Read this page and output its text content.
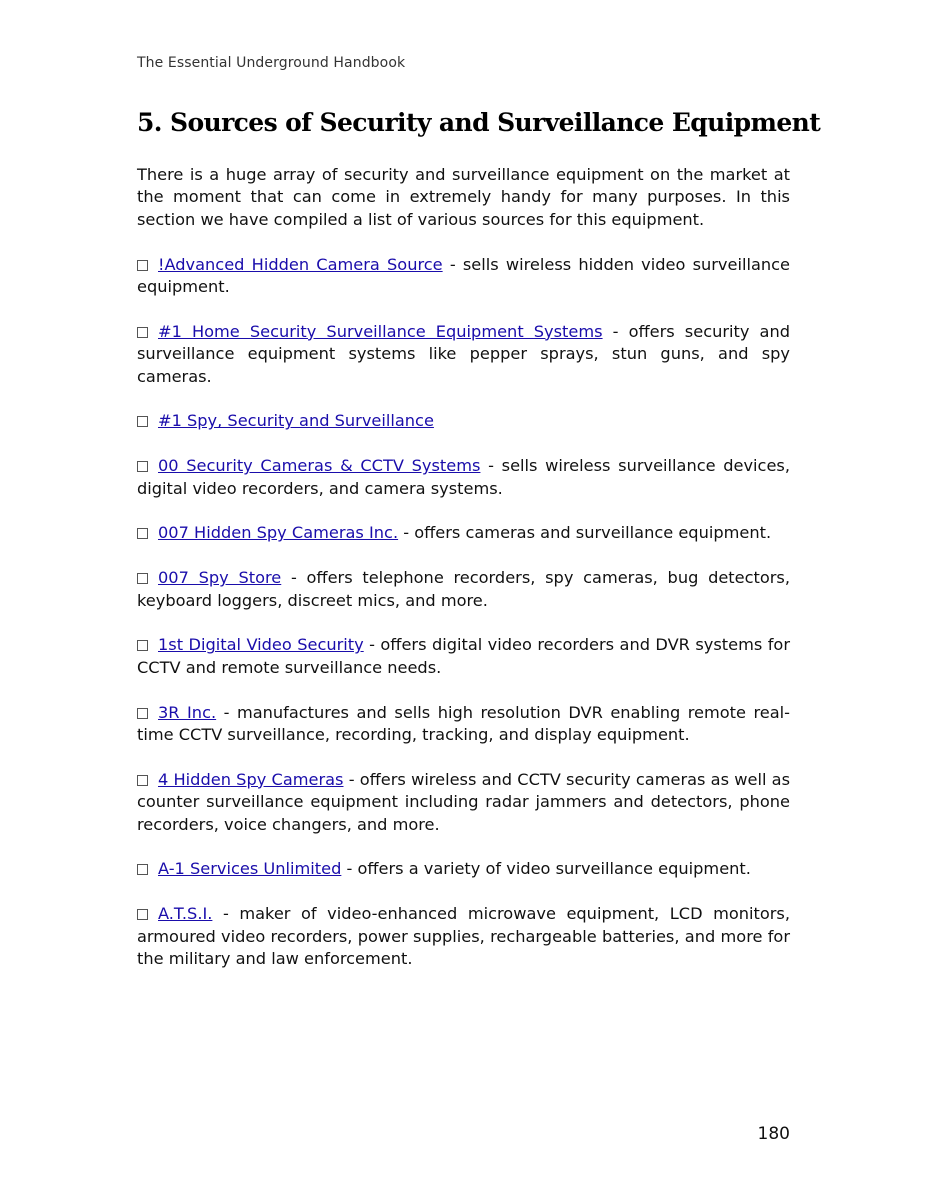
The Essential Underground Handbook
5. Sources of Security and Surveillance Equipment

There is a huge array of security and surveillance equipment on the market at the moment that can come in extremely handy for many purposes. In this section we have compiled a list of various sources for this equipment.

!Advanced Hidden Camera Source - sells wireless hidden video surveillance equipment.

#1 Home Security Surveillance Equipment Systems - offers security and surveillance equipment systems like pepper sprays, stun guns, and spy cameras.

#1 Spy, Security and Surveillance

00 Security Cameras & CCTV Systems - sells wireless surveillance devices, digital video recorders, and camera systems.

007 Hidden Spy Cameras Inc. - offers cameras and surveillance equipment.

007 Spy Store - offers telephone recorders, spy cameras, bug detectors, keyboard loggers, discreet mics, and more.

1st Digital Video Security - offers digital video recorders and DVR systems for CCTV and remote surveillance needs.

3R Inc. - manufactures and sells high resolution DVR enabling remote real-time CCTV surveillance, recording, tracking, and display equipment.

4 Hidden Spy Cameras - offers wireless and CCTV security cameras as well as counter surveillance equipment including radar jammers and detectors, phone recorders, voice changers, and more.

A-1 Services Unlimited - offers a variety of video surveillance equipment.

A.T.S.I. - maker of video-enhanced microwave equipment, LCD monitors, armoured video recorders, power supplies, rechargeable batteries, and more for the military and law enforcement.

180
